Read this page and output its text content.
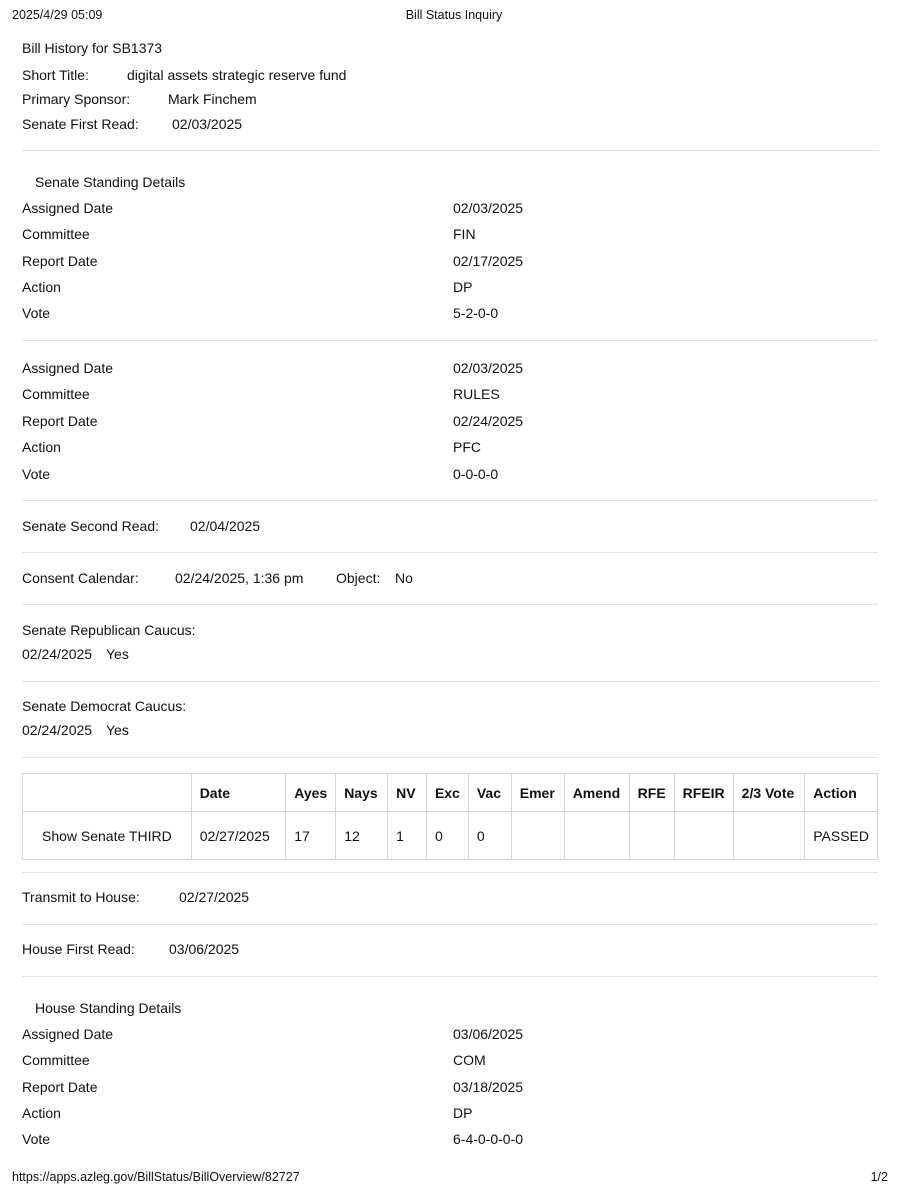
2025/4/29 05:09	Bill Status Inquiry
Bill History for SB1373
Short Title:	digital assets strategic reserve fund
Primary Sponsor:	Mark Finchem
Senate First Read: 02/03/2025
Senate Standing Details
Assigned Date	02/03/2025
Committee	FIN
Report Date	02/17/2025
Action	DP
Vote	5-2-0-0
Assigned Date	02/03/2025
Committee	RULES
Report Date	02/24/2025
Action	PFC
Vote	0-0-0-0
Senate Second Read: 02/04/2025
Consent Calendar:	02/24/2025, 1:36 pm Object: No
Senate Republican Caucus:
02/24/2025 Yes
Senate Democrat Caucus:
02/24/2025 Yes
	Date	Ayes	Nays	NV	Exc	Vac	Emer	Amend	RFE	RFEIR	2/3 Vote	Action
Show Senate THIRD	02/27/2025	17	12	1	0	0						PASSED
Transmit to House:	02/27/2025
House First Read: 03/06/2025
House Standing Details
Assigned Date	03/06/2025
Committee	COM
Report Date	03/18/2025
Action	DP
Vote	6-4-0-0-0-0
https://apps.azleg.gov/BillStatus/BillOverview/82727	1/2
